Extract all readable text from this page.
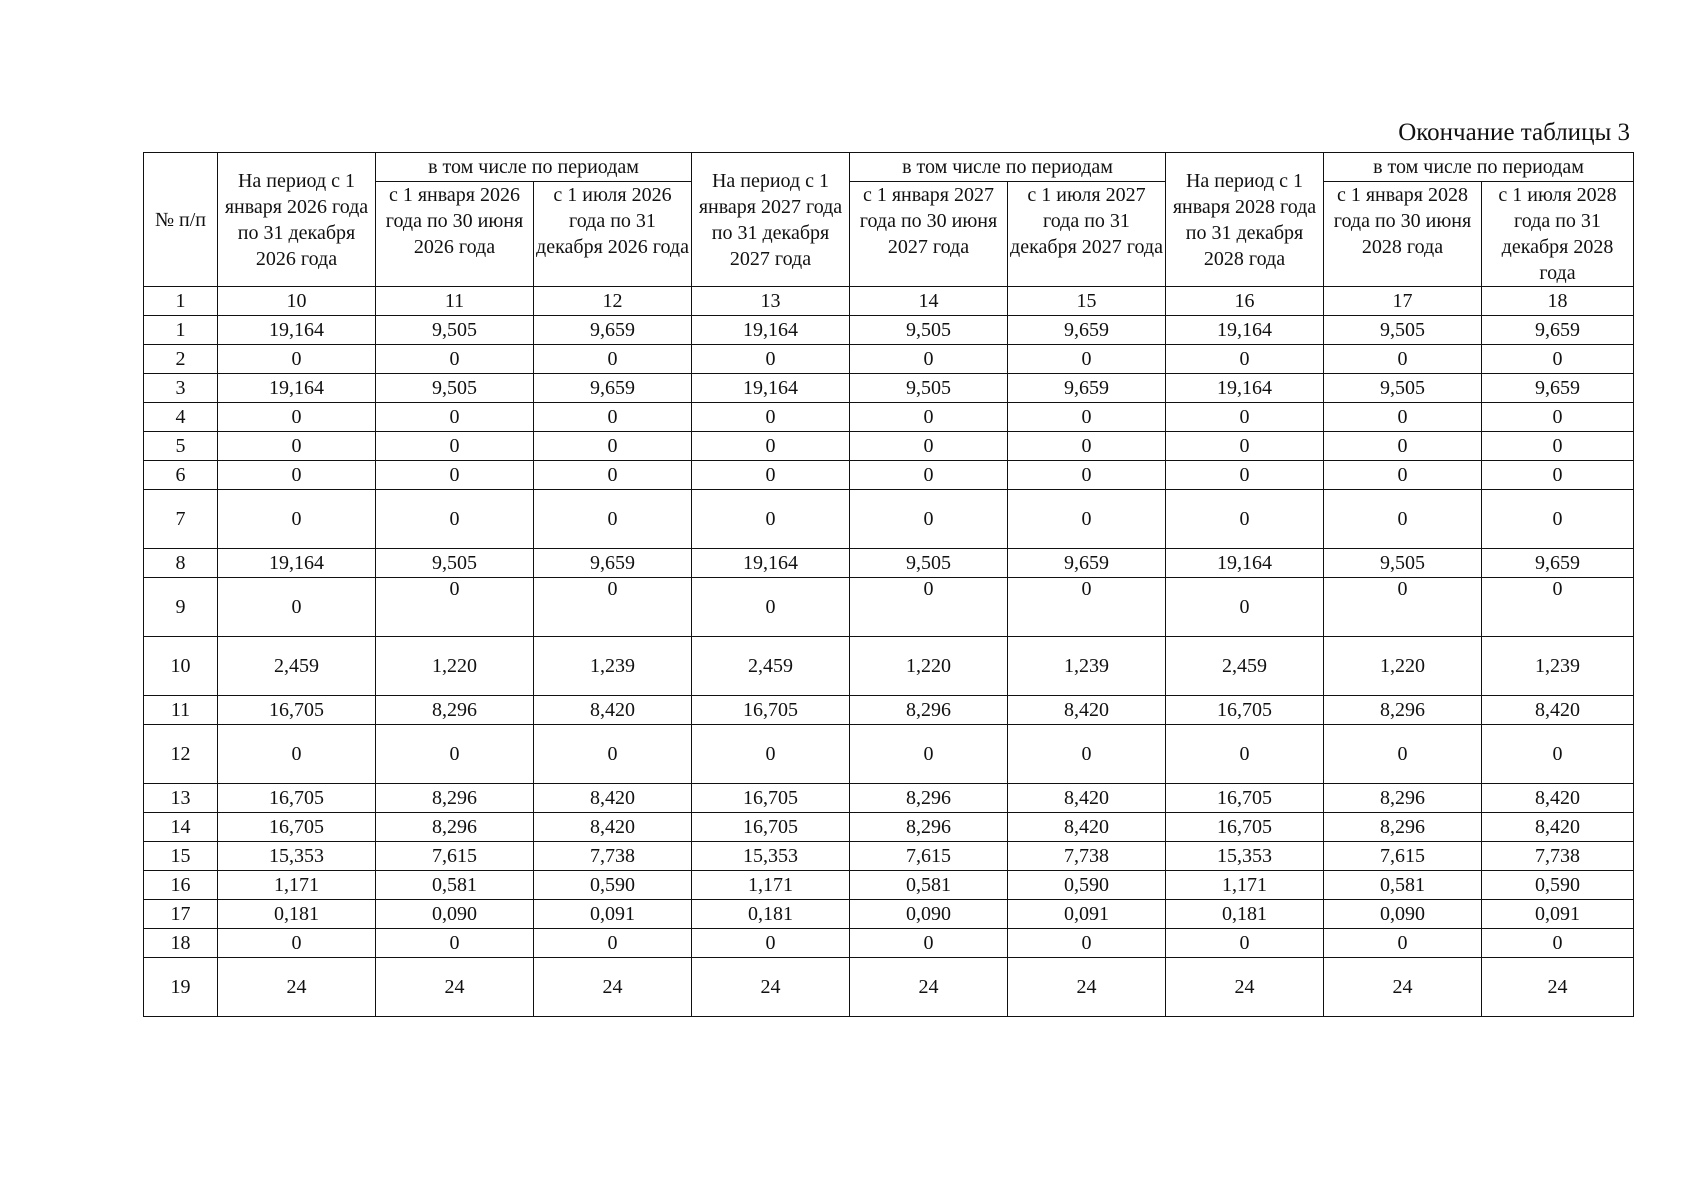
Окончание таблицы 3
№ п/п	На период с 1 января 2026 года по 31 декабря 2026 года	в том числе по периодам		На период с 1 января 2027 года по 31 декабря 2027 года	в том числе по периодам		На период с 1 января 2028 года по 31 декабря 2028 года	в том числе по периодам	
		с 1 января 2026 года по 30 июня 2026 года	с 1 июля 2026 года по 31 декабря 2026 года		с 1 января 2027 года по 30 июня 2027 года	с 1 июля 2027 года по 31 декабря 2027 года		с 1 января 2028 года по 30 июня 2028 года	с 1 июля 2028 года по 31 декабря 2028 года
1	10	11	12	13	14	15	16	17	18
1	19,164	9,505	9,659	19,164	9,505	9,659	19,164	9,505	9,659
2	0	0	0	0	0	0	0	0	0
3	19,164	9,505	9,659	19,164	9,505	9,659	19,164	9,505	9,659
4	0	0	0	0	0	0	0	0	0
5	0	0	0	0	0	0	0	0	0
6	0	0	0	0	0	0	0	0	0
7	0	0	0	0	0	0	0	0	0
8	19,164	9,505	9,659	19,164	9,505	9,659	19,164	9,505	9,659
9	0	0	0	0	0	0	0	0	0
10	2,459	1,220	1,239	2,459	1,220	1,239	2,459	1,220	1,239
11	16,705	8,296	8,420	16,705	8,296	8,420	16,705	8,296	8,420
12	0	0	0	0	0	0	0	0	0
13	16,705	8,296	8,420	16,705	8,296	8,420	16,705	8,296	8,420
14	16,705	8,296	8,420	16,705	8,296	8,420	16,705	8,296	8,420
15	15,353	7,615	7,738	15,353	7,615	7,738	15,353	7,615	7,738
16	1,171	0,581	0,590	1,171	0,581	0,590	1,171	0,581	0,590
17	0,181	0,090	0,091	0,181	0,090	0,091	0,181	0,090	0,091
18	0	0	0	0	0	0	0	0	0
19	24	24	24	24	24	24	24	24	24
